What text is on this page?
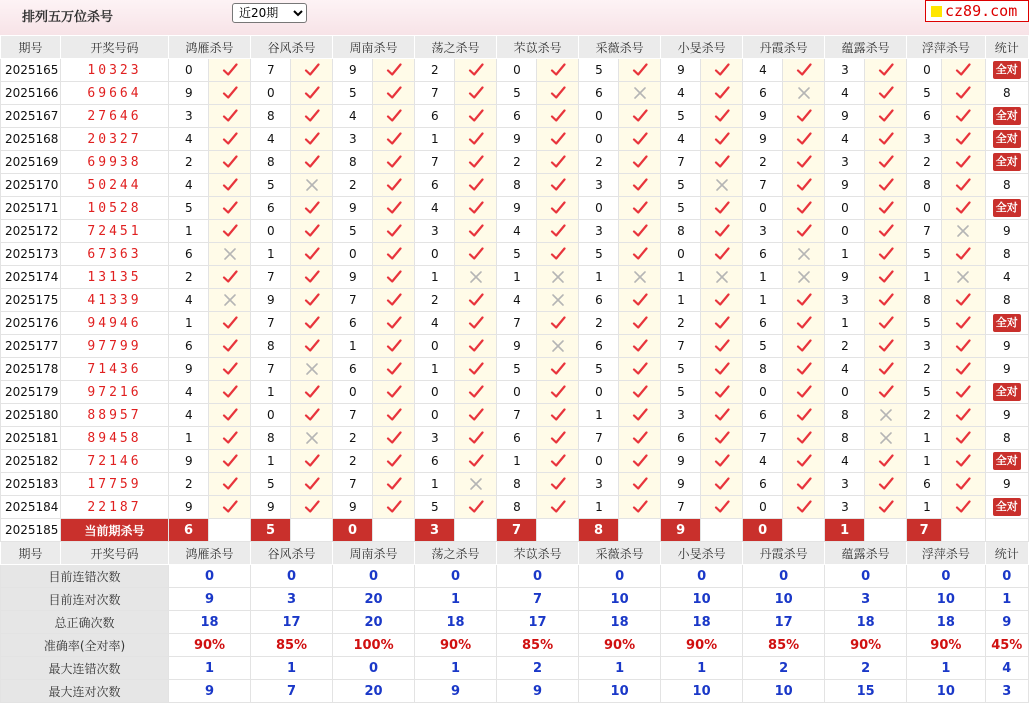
排列五万位杀号
近20期	cz89.com
期号	开奖号码	鸿雁杀号		谷风杀号		周南杀号		荡之杀号		芣苡杀号		采薇杀号		小旻杀号		丹霞杀号		蕴露杀号		浮萍杀号		统计
2025165	10323	0		7		9		2		0		5		9		4		3		0		全对
2025166	69664	9		0		5		7		5		6		4		6		4		5		8
2025167	27646	3		8		4		6		6		0		5		9		9		6		全对
2025168	20327	4		4		3		1		9		0		4		9		4		3		全对
2025169	69938	2		8		8		7		2		2		7		2		3		2		全对
2025170	50244	4		5		2		6		8		3		5		7		9		8		8
2025171	10528	5		6		9		4		9		0		5		0		0		0		全对
2025172	72451	1		0		5		3		4		3		8		3		0		7		9
2025173	67363	6		1		0		0		5		5		0		6		1		5		8
2025174	13135	2		7		9		1		1		1		1		1		9		1		4
2025175	41339	4		9		7		2		4		6		1		1		3		8		8
2025176	94946	1		7		6		4		7		2		2		6		1		5		全对
2025177	97799	6		8		1		0		9		6		7		5		2		3		9
2025178	71436	9		7		6		1		5		5		5		8		4		2		9
2025179	97216	4		1		0		0		0		0		5		0		0		5		全对
2025180	88957	4		0		7		0		7		1		3		6		8		2		9
2025181	89458	1		8		2		3		6		7		6		7		8		1		8
2025182	72146	9		1		2		6		1		0		9		4		4		1		全对
2025183	17759	2		5		7		1		8		3		9		6		3		6		9
2025184	22187	9		9		9		5		8		1		7		0		3		1		全对
2025185	当前期杀号	6		5		0		3		7		8		9		0		1		7		
期号	开奖号码	鸿雁杀号		谷风杀号		周南杀号		荡之杀号		芣苡杀号		采薇杀号		小旻杀号		丹霞杀号		蕴露杀号		浮萍杀号		统计
目前连错次数		0		0		0		0		0		0		0		0		0		0		0
目前连对次数		9		3		20		1		7		10		10		10		3		10		1
总正确次数		18		17		20		18		17		18		18		17		18		18		9
准确率(全对率)		90%		85%		100%		90%		85%		90%		90%		85%		90%		90%		45%
最大连错次数		1		1		0		1		2		1		1		2		2		1		4
最大连对次数		9		7		20		9		9		10		10		10		15		10		3
